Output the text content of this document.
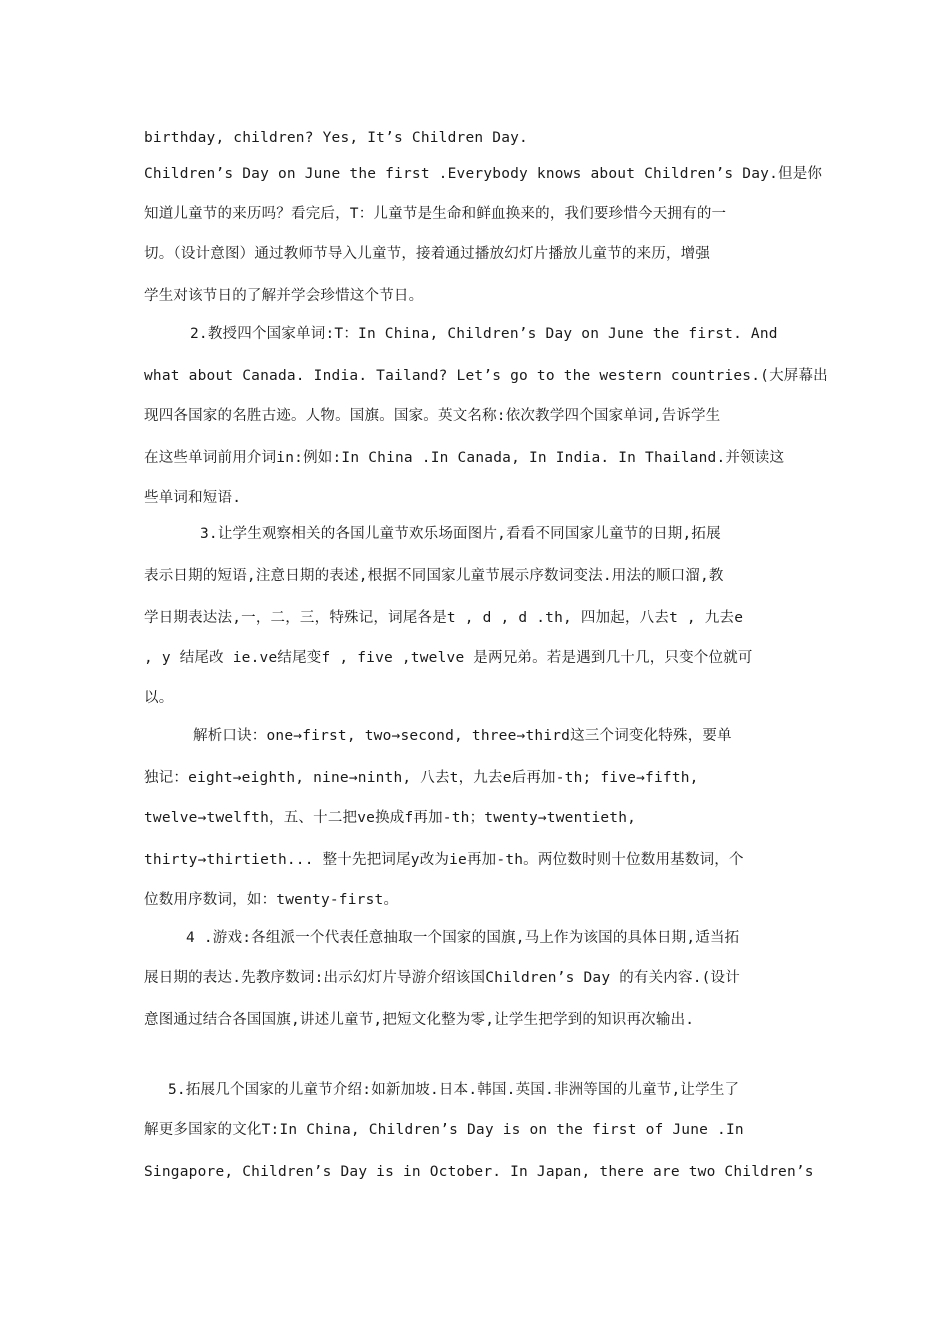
birthday, children? Yes, It’s Children Day.

Children’s Day on June the first .Everybody knows about Children’s Day.但是你

知道儿童节的来历吗？看完后，T：儿童节是生命和鲜血换来的，我们要珍惜今天拥有的一

切。（设计意图）通过教师节导入儿童节，接着通过播放幻灯片播放儿童节的来历，增强

学生对该节日的了解并学会珍惜这个节日。

2.教授四个国家单词:T：In China, Children’s Day on June the first. And

what about Canada. India. Tailand? Let’s go to the western countries.(大屏幕出

现四各国家的名胜古迹。人物。国旗。国家。英文名称:依次教学四个国家单词,告诉学生

在这些单词前用介词in:例如:In China .In Canada, In India. In Thailand.并领读这

些单词和短语.

3.让学生观察相关的各国儿童节欢乐场面图片,看看不同国家儿童节的日期,拓展

表示日期的短语,注意日期的表述,根据不同国家儿童节展示序数词变法.用法的顺口溜,教

学日期表达法,一，二，三，特殊记，词尾各是t , d , d .th, 四加起，八去t , 九去e

, y 结尾改 ie.ve结尾变f , five ,twelve 是两兄弟。若是遇到几十几，只变个位就可

以。

解析口诀：one→first, two→second, three→third这三个词变化特殊，要单

独记：eight→eighth, nine→ninth, 八去t，九去e后再加-th; five→fifth,

twelve→twelfth，五、十二把ve换成f再加-th；twenty→twentieth,

thirty→thirtieth... 整十先把词尾y改为ie再加-th。两位数时则十位数用基数词，个

位数用序数词，如：twenty-first。

4 .游戏:各组派一个代表任意抽取一个国家的国旗,马上作为该国的具体日期,适当拓

展日期的表达.先教序数词:出示幻灯片导游介绍该国Children’s Day 的有关内容.(设计

意图通过结合各国国旗,讲述儿童节,把短文化整为零,让学生把学到的知识再次输出.

5.拓展几个国家的儿童节介绍:如新加坡.日本.韩国.英国.非洲等国的儿童节,让学生了

解更多国家的文化T:In China, Children’s Day is on the first of June .In

Singapore, Children’s Day is in October. In Japan, there are two Children’s
